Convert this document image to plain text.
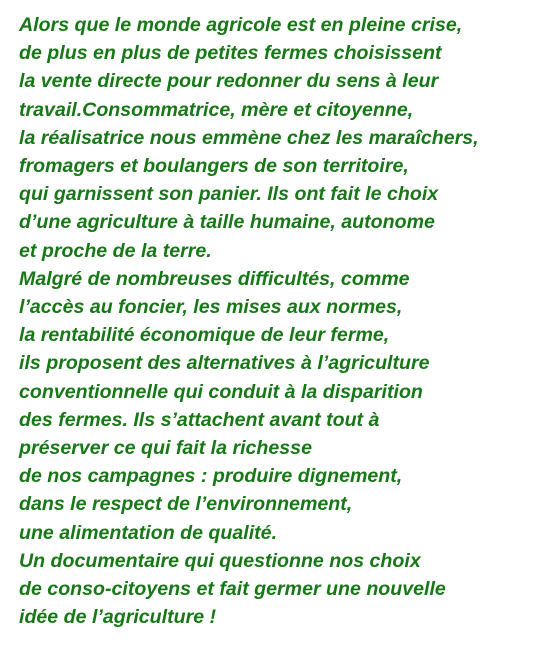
Alors que le monde agricole est en pleine crise,
de plus en plus de petites fermes choisissent
la vente directe pour redonner du sens à leur
travail.Consommatrice, mère et citoyenne,
la réalisatrice nous emmène chez les maraîchers,
fromagers et boulangers de son territoire,
qui garnissent son panier. Ils ont fait le choix
d’une agriculture à taille humaine, autonome
et proche de la terre.
Malgré de nombreuses difficultés, comme
l’accès au foncier, les mises aux normes,
la rentabilité économique de leur ferme,
ils proposent des alternatives à l’agriculture
conventionnelle qui conduit à la disparition
des fermes. Ils s’attachent avant tout à
préserver ce qui fait la richesse
de nos campagnes : produire dignement,
dans le respect de l’environnement,
une alimentation de qualité.
Un documentaire qui questionne nos choix
de conso-citoyens et fait germer une nouvelle
idée de l’agriculture !
